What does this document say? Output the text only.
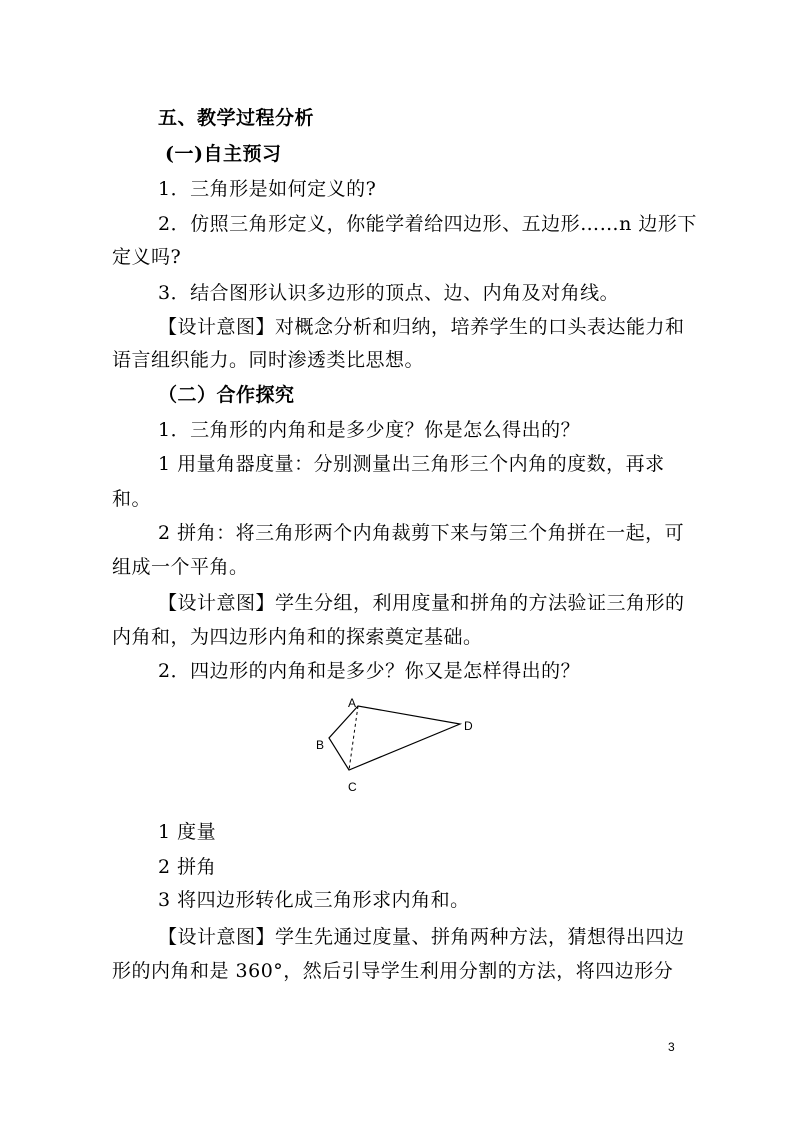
五、教学过程分析
(一)自主预习
1．三角形是如何定义的?
2．仿照三角形定义，你能学着给四边形、五边形……n 边形下
定义吗?
3．结合图形认识多边形的顶点、边、内角及对角线。
【设计意图】对概念分析和归纳，培养学生的口头表达能力和
语言组织能力。同时渗透类比思想。
（二）合作探究
1．三角形的内角和是多少度？你是怎么得出的？
1 用量角器度量：分别测量出三角形三个内角的度数，再求
和。
2 拼角：将三角形两个内角裁剪下来与第三个角拼在一起，可
组成一个平角。
【设计意图】学生分组，利用度量和拼角的方法验证三角形的
内角和，为四边形内角和的探索奠定基础。
2．四边形的内角和是多少？你又是怎样得出的？
A
B
C
D
1 度量
2 拼角
3 将四边形转化成三角形求内角和。
【设计意图】学生先通过度量、拼角两种方法，猜想得出四边
形的内角和是 360°，然后引导学生利用分割的方法，将四边形分
3
